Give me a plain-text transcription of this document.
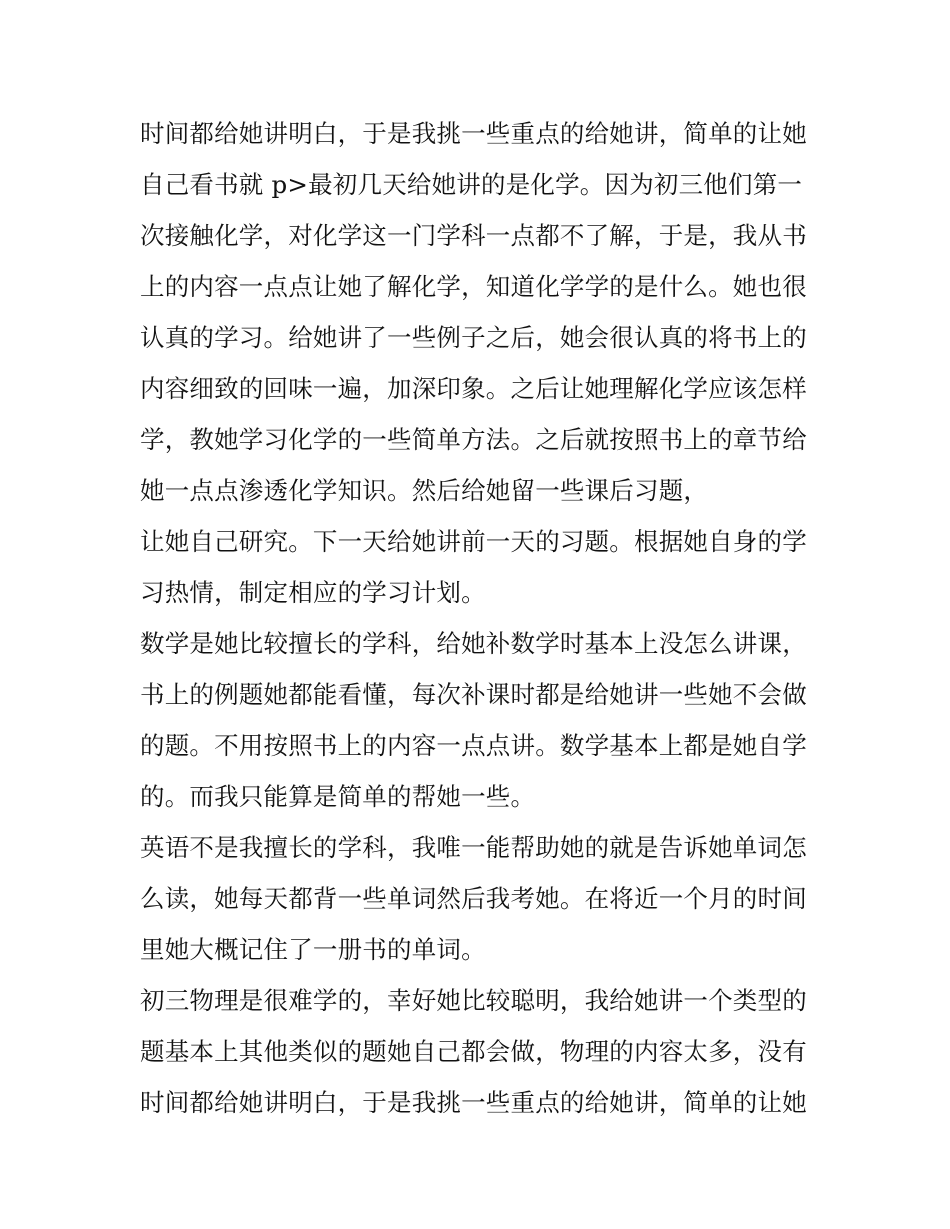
时间都给她讲明白，于是我挑一些重点的给她讲，简单的让她
自己看书就 p>最初几天给她讲的是化学。因为初三他们第一
次接触化学，对化学这一门学科一点都不了解，于是，我从书
上的内容一点点让她了解化学，知道化学学的是什么。她也很
认真的学习。给她讲了一些例子之后，她会很认真的将书上的
内容细致的回味一遍，加深印象。之后让她理解化学应该怎样
学，教她学习化学的一些简单方法。之后就按照书上的章节给
她一点点渗透化学知识。然后给她留一些课后习题，
让她自己研究。下一天给她讲前一天的习题。根据她自身的学
习热情，制定相应的学习计划。
数学是她比较擅长的学科，给她补数学时基本上没怎么讲课，
书上的例题她都能看懂，每次补课时都是给她讲一些她不会做
的题。不用按照书上的内容一点点讲。数学基本上都是她自学
的。而我只能算是简单的帮她一些。
英语不是我擅长的学科，我唯一能帮助她的就是告诉她单词怎
么读，她每天都背一些单词然后我考她。在将近一个月的时间
里她大概记住了一册书的单词。
初三物理是很难学的，幸好她比较聪明，我给她讲一个类型的
题基本上其他类似的题她自己都会做，物理的内容太多，没有
时间都给她讲明白，于是我挑一些重点的给她讲，简单的让她
